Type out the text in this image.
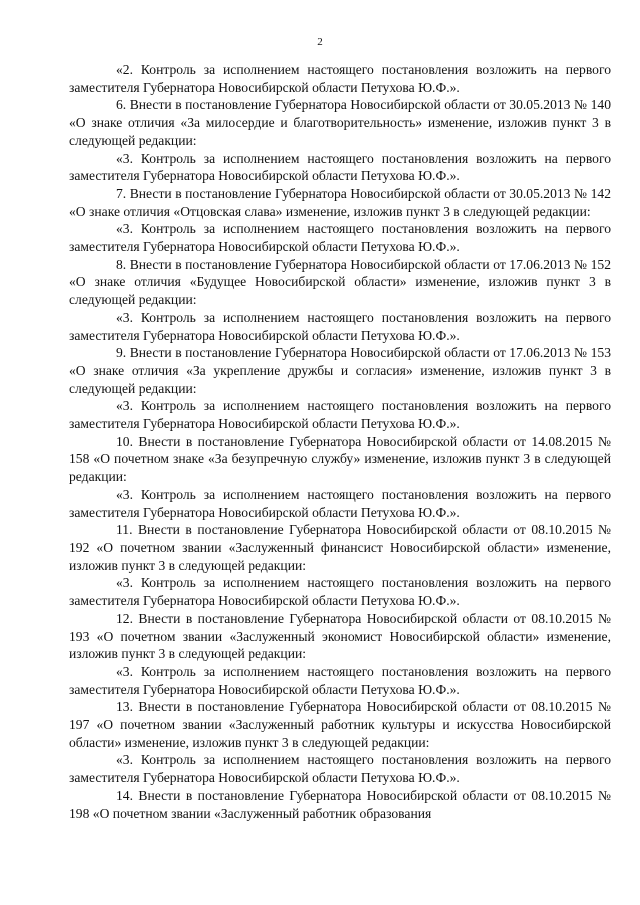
2

«2. Контроль за исполнением настоящего постановления возложить на первого заместителя Губернатора Новосибирской области Петухова Ю.Ф.».

6. Внести в постановление Губернатора Новосибирской области от 30.05.2013 № 140 «О знаке отличия «За милосердие и благотворительность» изменение, изложив пункт 3 в следующей редакции:

«3. Контроль за исполнением настоящего постановления возложить на первого заместителя Губернатора Новосибирской области Петухова Ю.Ф.».

7. Внести в постановление Губернатора Новосибирской области от 30.05.2013 № 142 «О знаке отличия «Отцовская слава» изменение, изложив пункт 3 в следующей редакции:

«3. Контроль за исполнением настоящего постановления возложить на первого заместителя Губернатора Новосибирской области Петухова Ю.Ф.».

8. Внести в постановление Губернатора Новосибирской области от 17.06.2013 № 152 «О знаке отличия «Будущее Новосибирской области» изменение, изложив пункт 3 в следующей редакции:

«3. Контроль за исполнением настоящего постановления возложить на первого заместителя Губернатора Новосибирской области Петухова Ю.Ф.».

9. Внести в постановление Губернатора Новосибирской области от 17.06.2013 № 153 «О знаке отличия «За укрепление дружбы и согласия» изменение, изложив пункт 3 в следующей редакции:

«3. Контроль за исполнением настоящего постановления возложить на первого заместителя Губернатора Новосибирской области Петухова Ю.Ф.».

10. Внести в постановление Губернатора Новосибирской области от 14.08.2015 № 158 «О почетном знаке «За безупречную службу» изменение, изложив пункт 3 в следующей редакции:

«3. Контроль за исполнением настоящего постановления возложить на первого заместителя Губернатора Новосибирской области Петухова Ю.Ф.».

11. Внести в постановление Губернатора Новосибирской области от 08.10.2015 № 192 «О почетном звании «Заслуженный финансист Новосибирской области» изменение, изложив пункт 3 в следующей редакции:

«3. Контроль за исполнением настоящего постановления возложить на первого заместителя Губернатора Новосибирской области Петухова Ю.Ф.».

12. Внести в постановление Губернатора Новосибирской области от 08.10.2015 № 193 «О почетном звании «Заслуженный экономист Новосибирской области» изменение, изложив пункт 3 в следующей редакции:

«3. Контроль за исполнением настоящего постановления возложить на первого заместителя Губернатора Новосибирской области Петухова Ю.Ф.».

13. Внести в постановление Губернатора Новосибирской области от 08.10.2015 № 197 «О почетном звании «Заслуженный работник культуры и искусства Новосибирской области» изменение, изложив пункт 3 в следующей редакции:

«3. Контроль за исполнением настоящего постановления возложить на первого заместителя Губернатора Новосибирской области Петухова Ю.Ф.».

14. Внести в постановление Губернатора Новосибирской области от 08.10.2015 № 198 «О почетном звании «Заслуженный работник образования
